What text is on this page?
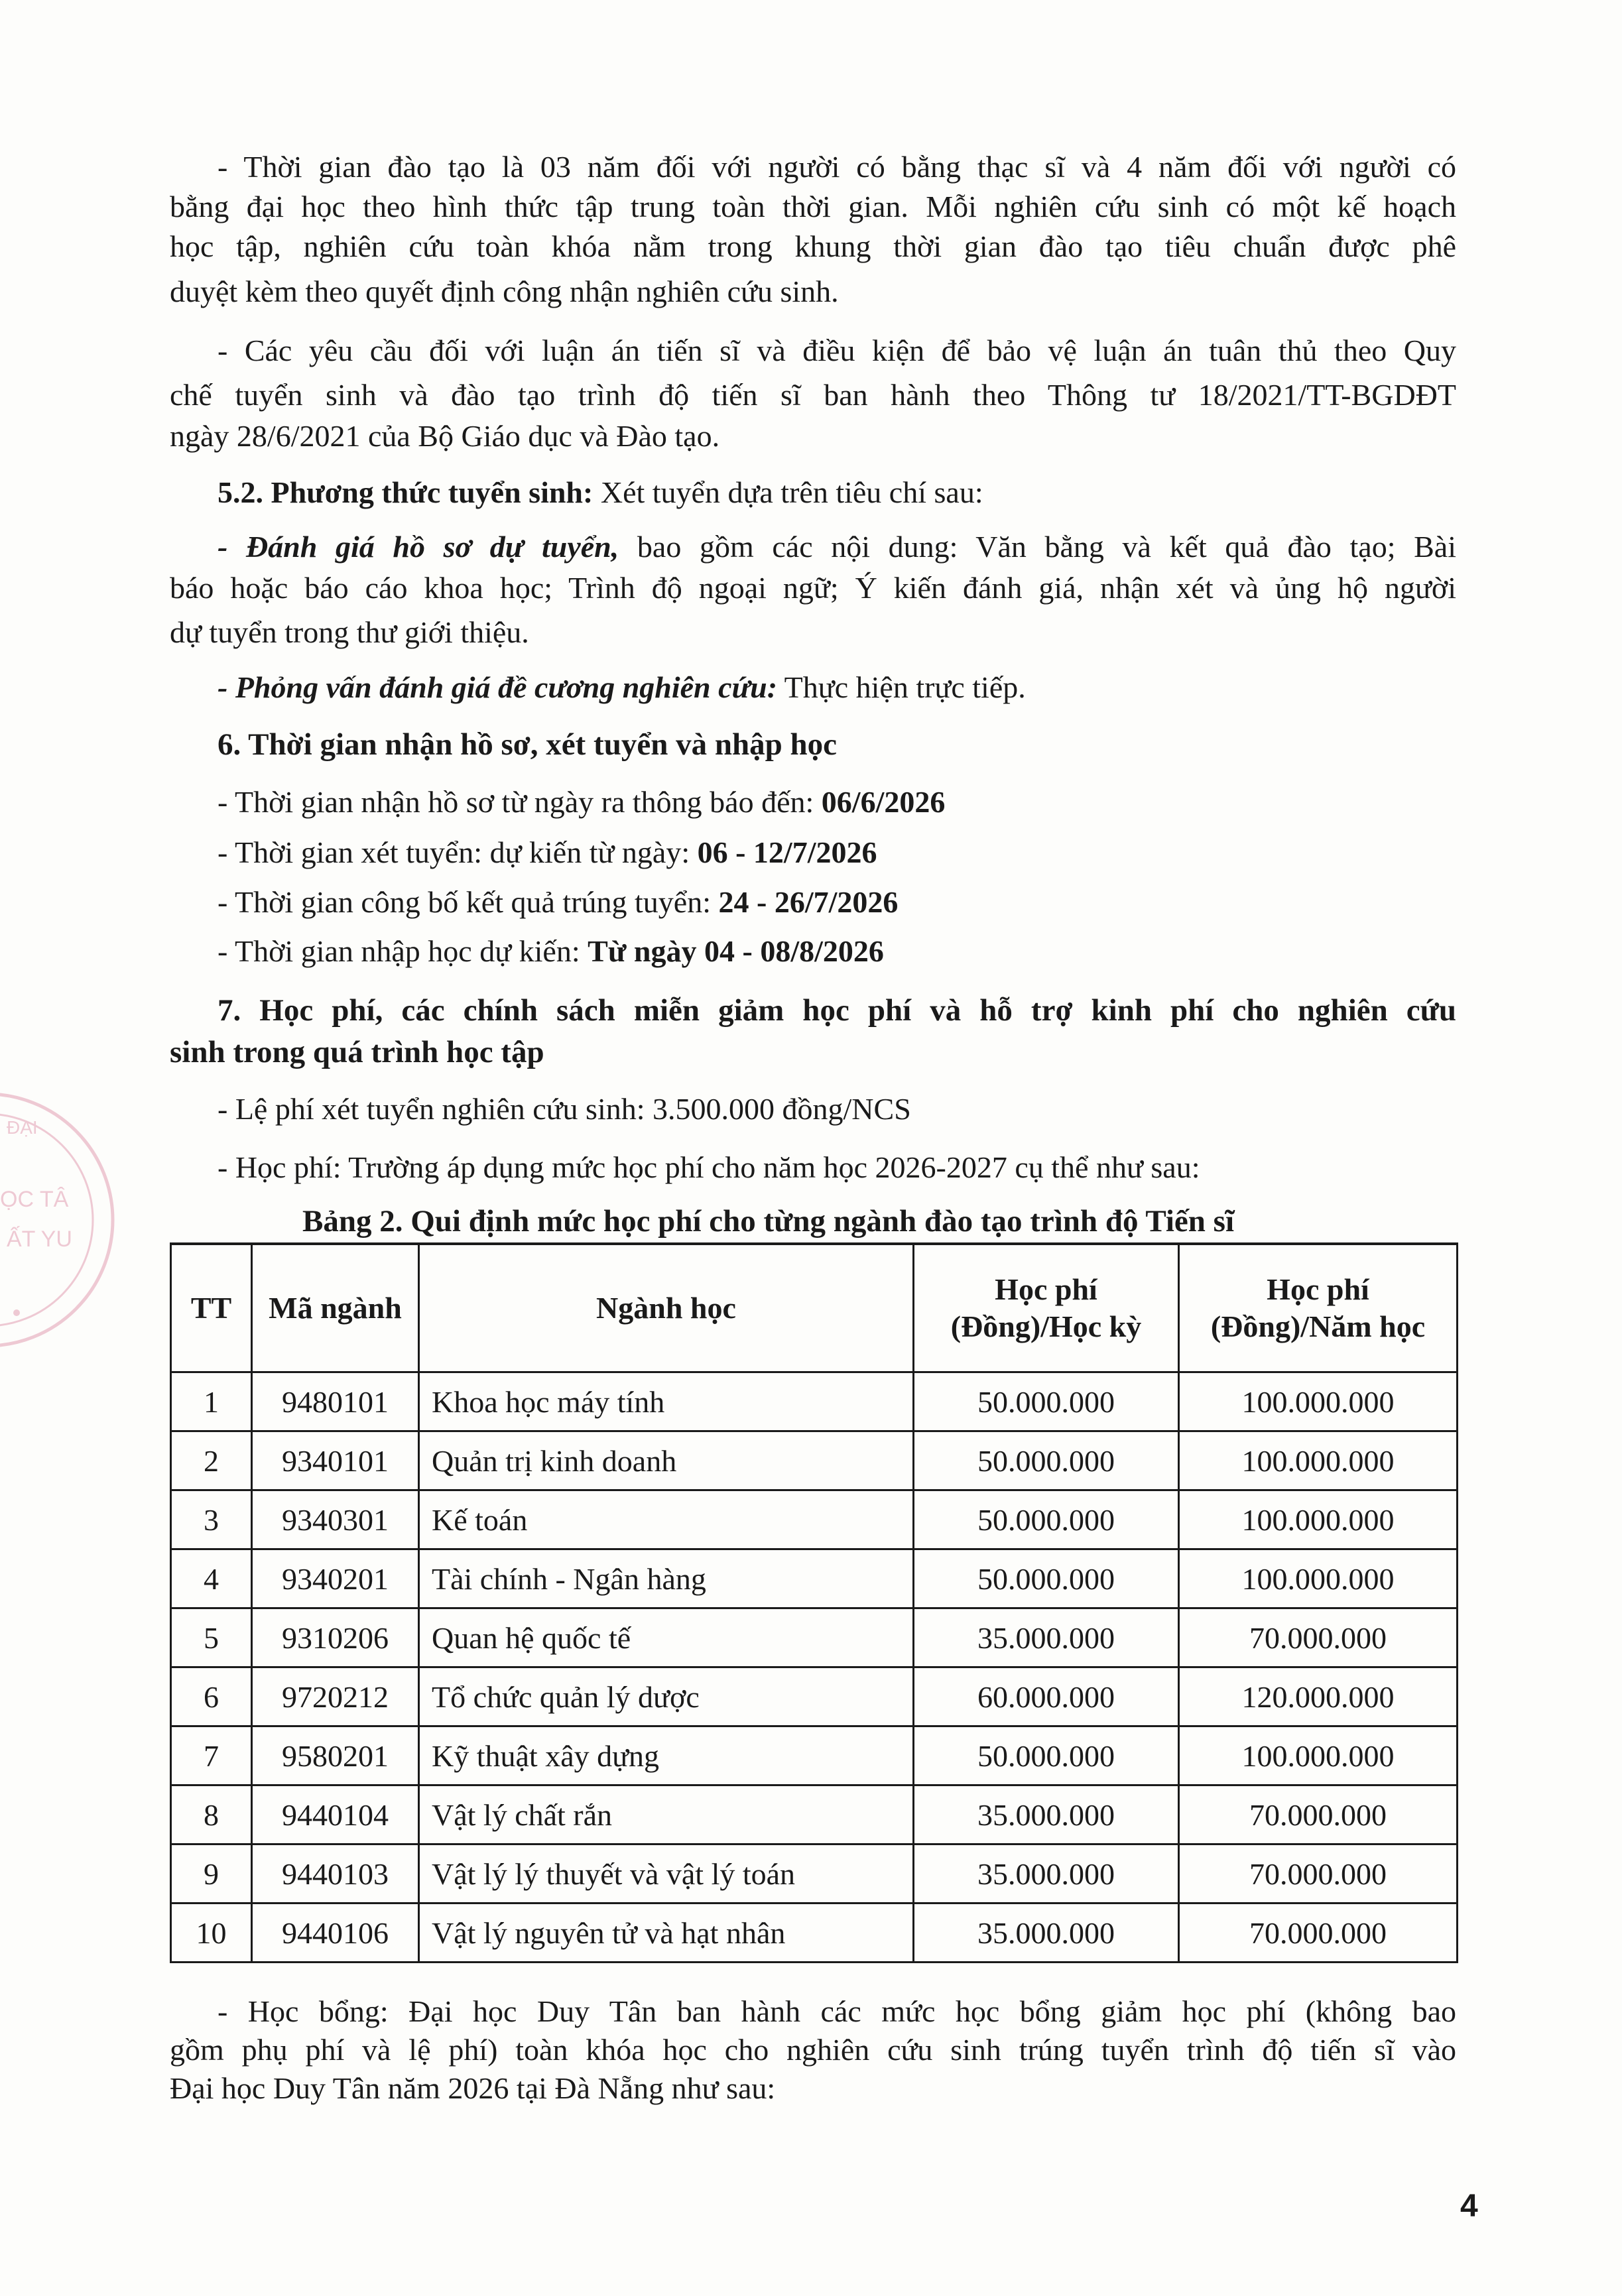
ĐẠI
ỌC TÂ
ẤT YU
- Thời gian đào tạo là 03 năm đối với người có bằng thạc sĩ và 4 năm đối với người có
bằng đại học theo hình thức tập trung toàn thời gian. Mỗi nghiên cứu sinh có một kế hoạch
học tập, nghiên cứu toàn khóa nằm trong khung thời gian đào tạo tiêu chuẩn được phê
duyệt kèm theo quyết định công nhận nghiên cứu sinh.
- Các yêu cầu đối với luận án tiến sĩ và điều kiện để bảo vệ luận án tuân thủ theo Quy
chế tuyển sinh và đào tạo trình độ tiến sĩ ban hành theo Thông tư 18/2021/TT-BGDĐT
ngày 28/6/2021 của Bộ Giáo dục và Đào tạo.
5.2. Phương thức tuyển sinh: Xét tuyển dựa trên tiêu chí sau:
- Đánh giá hồ sơ dự tuyển, bao gồm các nội dung: Văn bằng và kết quả đào tạo; Bài
báo hoặc báo cáo khoa học; Trình độ ngoại ngữ; Ý kiến đánh giá, nhận xét và ủng hộ người
dự tuyển trong thư giới thiệu.
- Phỏng vấn đánh giá đề cương nghiên cứu: Thực hiện trực tiếp.
6. Thời gian nhận hồ sơ, xét tuyển và nhập học
- Thời gian nhận hồ sơ từ ngày ra thông báo đến: 06/6/2026
- Thời gian xét tuyển: dự kiến từ ngày: 06 - 12/7/2026
- Thời gian công bố kết quả trúng tuyển: 24 - 26/7/2026
- Thời gian nhập học dự kiến: Từ ngày 04 - 08/8/2026
7. Học phí, các chính sách miễn giảm học phí và hỗ trợ kinh phí cho nghiên cứu
sinh trong quá trình học tập
- Lệ phí xét tuyển nghiên cứu sinh: 3.500.000 đồng/NCS
- Học phí: Trường áp dụng mức học phí cho năm học 2026-2027 cụ thể như sau:
Bảng 2. Qui định mức học phí cho từng ngành đào tạo trình độ Tiến sĩ
TT	Mã ngành	Ngành học	Học phí (Đồng)/Học kỳ	Học phí (Đồng)/Năm học
1	9480101	Khoa học máy tính	50.000.000	100.000.000
2	9340101	Quản trị kinh doanh	50.000.000	100.000.000
3	9340301	Kế toán	50.000.000	100.000.000
4	9340201	Tài chính - Ngân hàng	50.000.000	100.000.000
5	9310206	Quan hệ quốc tế	35.000.000	70.000.000
6	9720212	Tổ chức quản lý dược	60.000.000	120.000.000
7	9580201	Kỹ thuật xây dựng	50.000.000	100.000.000
8	9440104	Vật lý chất rắn	35.000.000	70.000.000
9	9440103	Vật lý lý thuyết và vật lý toán	35.000.000	70.000.000
10	9440106	Vật lý nguyên tử và hạt nhân	35.000.000	70.000.000
- Học bổng: Đại học Duy Tân ban hành các mức học bổng giảm học phí (không bao
gồm phụ phí và lệ phí) toàn khóa học cho nghiên cứu sinh trúng tuyển trình độ tiến sĩ vào
Đại học Duy Tân năm 2026 tại Đà Nẵng như sau:
4
